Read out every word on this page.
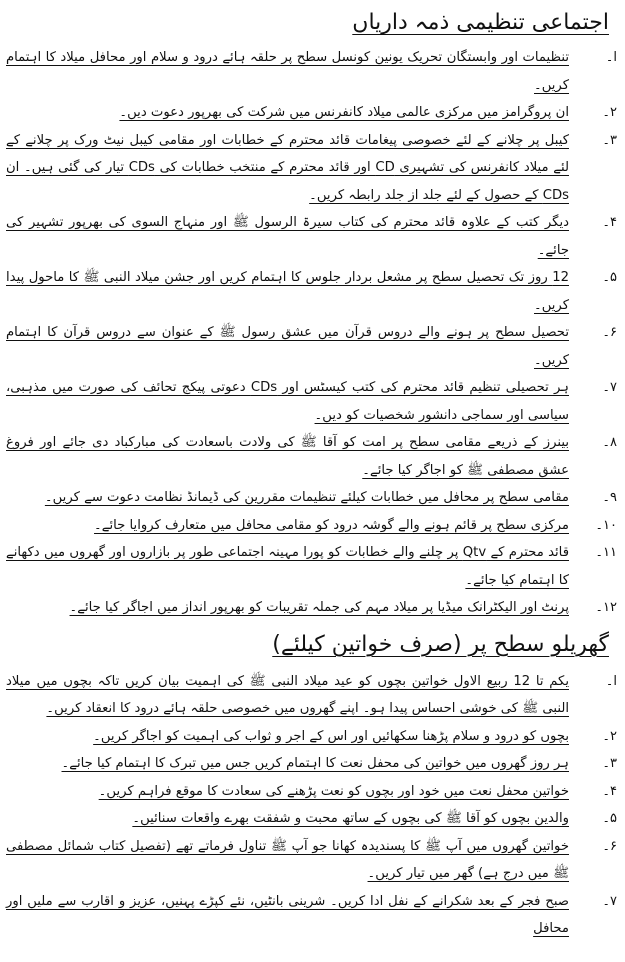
اجتماعی تنظیمی ذمہ داریاں
ا۔
تنظیمات اور وابستگان تحریک یونین کونسل سطح پر حلقہ ہائے درود و سلام اور محافل میلاد کا اہتمام کریں۔
۲۔
ان پروگرامز میں مرکزی عالمی میلاد کانفرنس میں شرکت کی بھرپور دعوت دیں۔
۳۔
کیبل پر چلانے کے لئے خصوصی پیغامات قائد محترم کے خطابات اور مقامی کیبل نیٹ ورک پر چلانے کے لئے میلاد کانفرنس کی تشہیری CD اور قائد محترم کے منتخب خطابات کی CDs تیار کی گئی ہیں۔ ان CDs کے حصول کے لئے جلد از جلد رابطہ کریں۔
۴۔
دیگر کتب کے علاوہ قائد محترم کی کتاب سیرۃ الرسول ﷺ اور منہاج السوی کی بھرپور تشہیر کی جائے۔
۵۔
12 روز تک تحصیل سطح پر مشعل بردار جلوس کا اہتمام کریں اور جشن میلاد النبی ﷺ کا ماحول پیدا کریں۔
۶۔
تحصیل سطح پر ہونے والے دروس قرآن میں عشق رسول ﷺ کے عنوان سے دروس قرآن کا اہتمام کریں۔
۷۔
ہر تحصیلی تنظیم قائد محترم کی کتب کیسٹس اور CDs دعوتی پیکج تحائف کی صورت میں مذہبی، سیاسی اور سماجی دانشور شخصیات کو دیں۔
۸۔
بینرز کے ذریعے مقامی سطح پر امت کو آقا ﷺ کی ولادت باسعادت کی مبارکباد دی جائے اور فروغ عشق مصطفی ﷺ کو اجاگر کیا جائے۔
۹۔
مقامی سطح پر محافل میں خطابات کیلئے تنظیمات مقررین کی ڈیمانڈ نظامت دعوت سے کریں۔
۱۰۔
مرکزی سطح پر قائم ہونے والے گوشہ درود کو مقامی محافل میں متعارف کروایا جائے۔
۱۱۔
قائد محترم کے Qtv پر چلنے والے خطابات کو پورا مہینہ اجتماعی طور پر بازاروں اور گھروں میں دکھانے کا اہتمام کیا جائے۔
۱۲۔
پرنٹ اور الیکٹرانک میڈیا پر میلاد مہم کی جملہ تقریبات کو بھرپور انداز میں اجاگر کیا جائے۔
گھریلو سطح پر (صرف خواتین کیلئے)
ا۔
یکم تا 12 ربیع الاول خواتین بچوں کو عید میلاد النبی ﷺ کی اہمیت بیان کریں تاکہ بچوں میں میلاد النبی ﷺ کی خوشی احساس پیدا ہو۔ اپنے گھروں میں خصوصی حلقہ ہائے درود کا انعقاد کریں۔
۲۔
بچوں کو درود و سلام پڑھنا سکھائیں اور اس کے اجر و ثواب کی اہمیت کو اجاگر کریں۔
۳۔
ہر روز گھروں میں خواتین کی محفل نعت کا اہتمام کریں جس میں تبرک کا اہتمام کیا جائے۔
۴۔
خواتین محفل نعت میں خود اور بچوں کو نعت پڑھنے کی سعادت کا موقع فراہم کریں۔
۵۔
والدین بچوں کو آقا ﷺ کی بچوں کے ساتھ محبت و شفقت بھرے واقعات سنائیں۔
۶۔
خواتین گھروں میں آپ ﷺ کا پسندیدہ کھانا جو آپ ﷺ تناول فرماتے تھے (تفصیل کتاب شمائل مصطفی ﷺ میں درج ہے) گھر میں تیار کریں۔
۷۔
صبح فجر کے بعد شکرانے کے نفل ادا کریں۔ شرینی بانٹیں، نئے کپڑے پہنیں، عزیز و اقارب سے ملیں اور محافل
